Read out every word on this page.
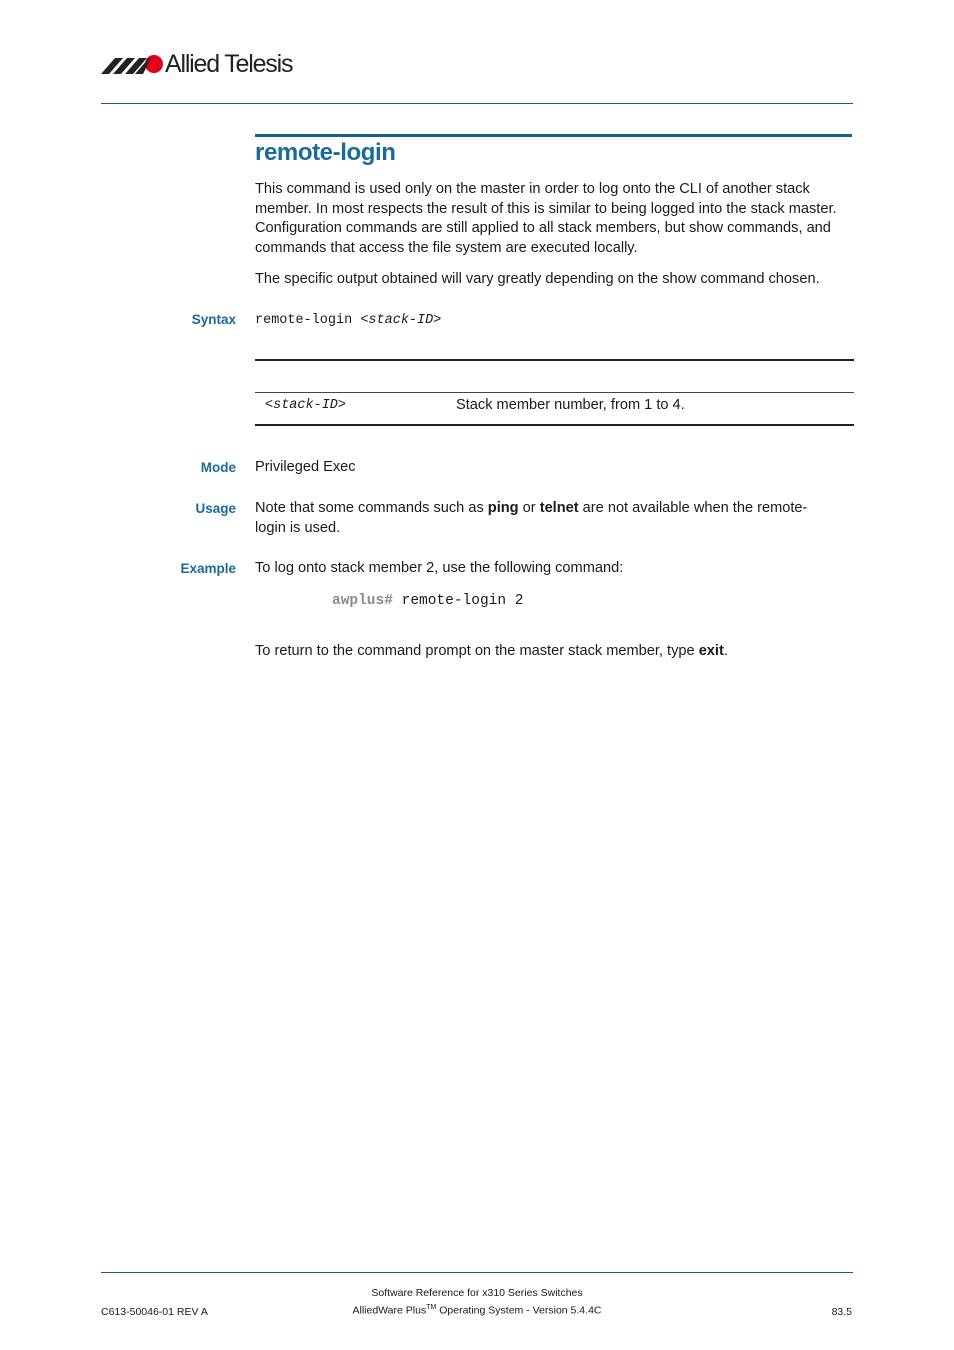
Allied Telesis
remote-login
This command is used only on the master in order to log onto the CLI of another stack member. In most respects the result of this is similar to being logged into the stack master. Configuration commands are still applied to all stack members, but show commands, and commands that access the file system are executed locally.
The specific output obtained will vary greatly depending on the show command chosen.
Syntax remote-login <stack-ID>
<stack-ID>	Stack member number, from 1 to 4.
Mode Privileged Exec
Usage Note that some commands such as ping or telnet are not available when the remote-login is used.
Example To log onto stack member 2, use the following command:
awplus# remote-login 2
To return to the command prompt on the master stack member, type exit.
Software Reference for x310 Series Switches
C613-50046-01 REV A	AlliedWare Plus™ Operating System - Version 5.4.4C	83.5
